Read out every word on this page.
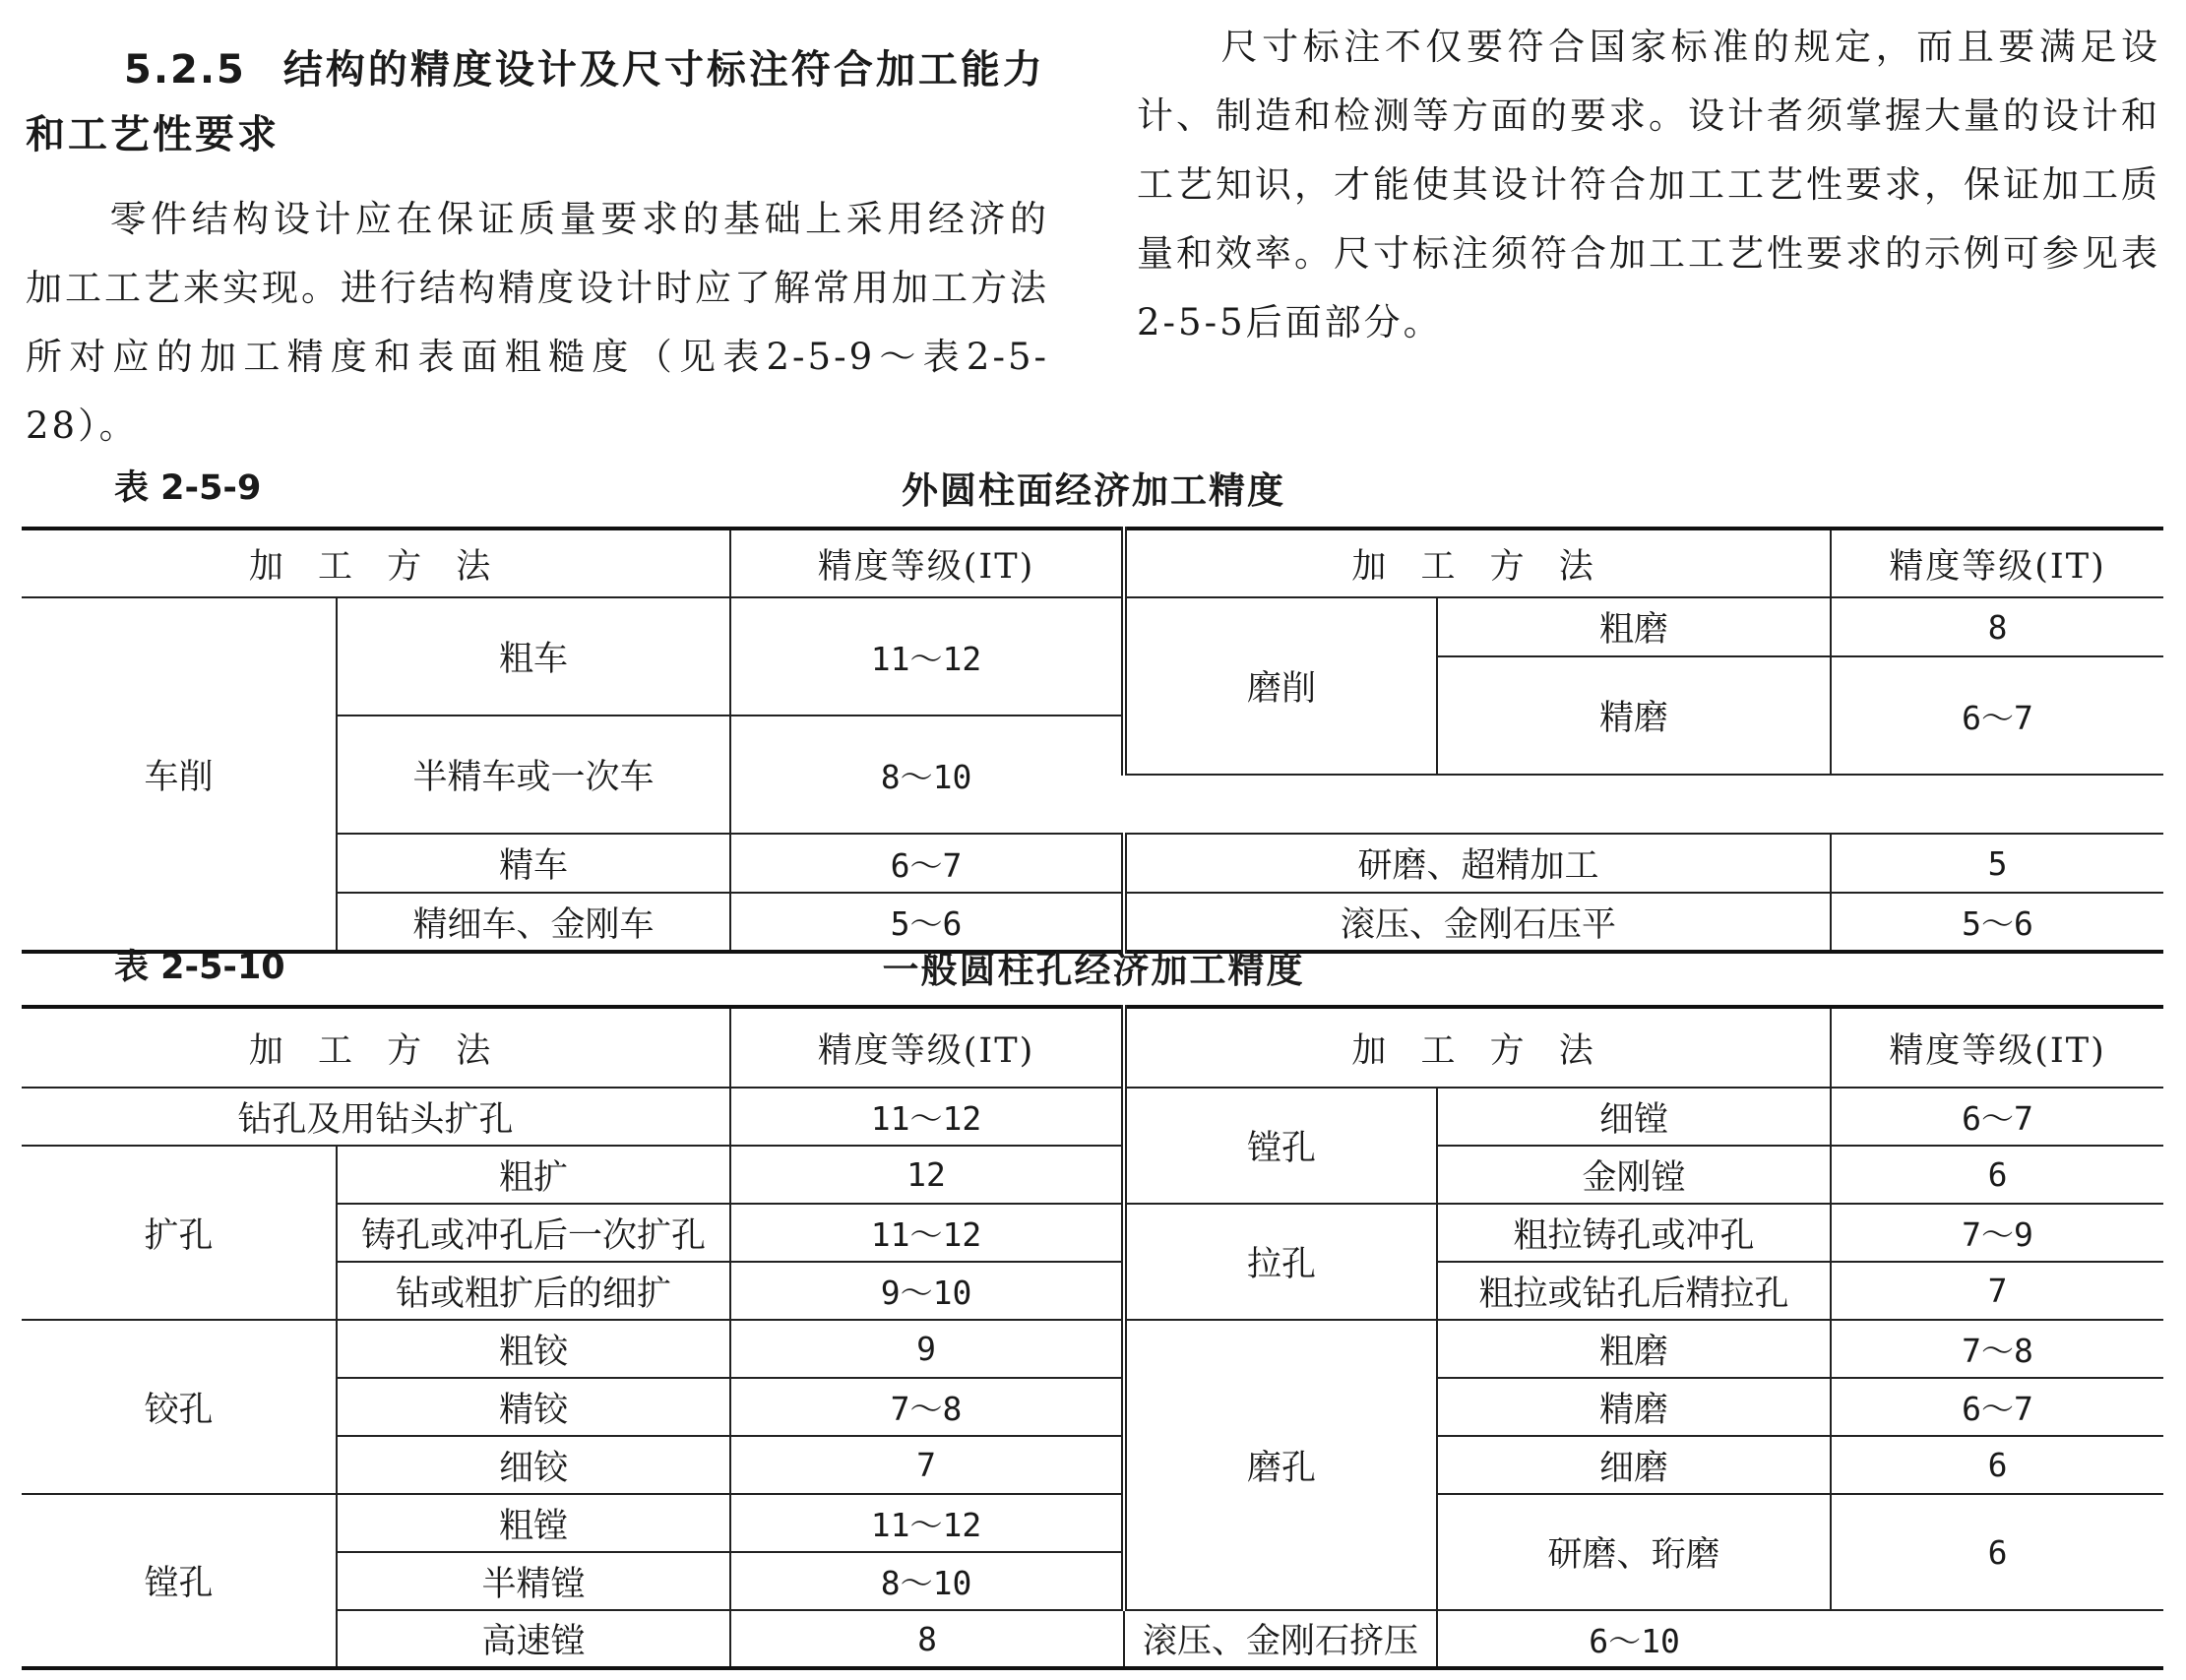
5.2.5 结构的精度设计及尺寸标注符合加工能力和工艺性要求
零件结构设计应在保证质量要求的基础上采用经济的加工工艺来实现。进行结构精度设计时应了解常用加工方法所对应的加工精度和表面粗糙度（见表2-5-9～表2-5-28）。
尺寸标注不仅要符合国家标准的规定，而且要满足设计、制造和检测等方面的要求。设计者须掌握大量的设计和工艺知识，才能使其设计符合加工工艺性要求，保证加工质量和效率。尺寸标注须符合加工工艺性要求的示例可参见表2-5-5后面部分。
外圆柱面经济加工精度
表 2-5-9
加 工 方 法		精度等级(IT)	加 工 方 法		精度等级(IT)
车削	粗车	11～12	磨削	粗磨	8
				精磨	6～7
	半精车或一次车	8～10			

	精车	6～7	研磨、超精加工		5
	精细车、金刚车	5～6	滚压、金刚石压平		5～6
一般圆柱孔经济加工精度
表 2-5-10
加 工 方 法		精度等级(IT)	加 工 方 法		精度等级(IT)
钻孔及用钻头扩孔		11～12	镗孔	细镗	6～7
扩孔	粗扩	12		金刚镗	6
	铸孔或冲孔后一次扩孔	11～12	拉孔	粗拉铸孔或冲孔	7～9
	钻或粗扩后的细扩	9～10		粗拉或钻孔后精拉孔	7
铰孔	粗铰	9	磨孔	粗磨	7～8
	精铰	7～8		精磨	6～7
	细铰	7		细磨	6
镗孔	粗镗	11～12		研磨、珩磨	6
	半精镗	8～10			
	高速镗	8	滚压、金刚石挤压	6～10	
